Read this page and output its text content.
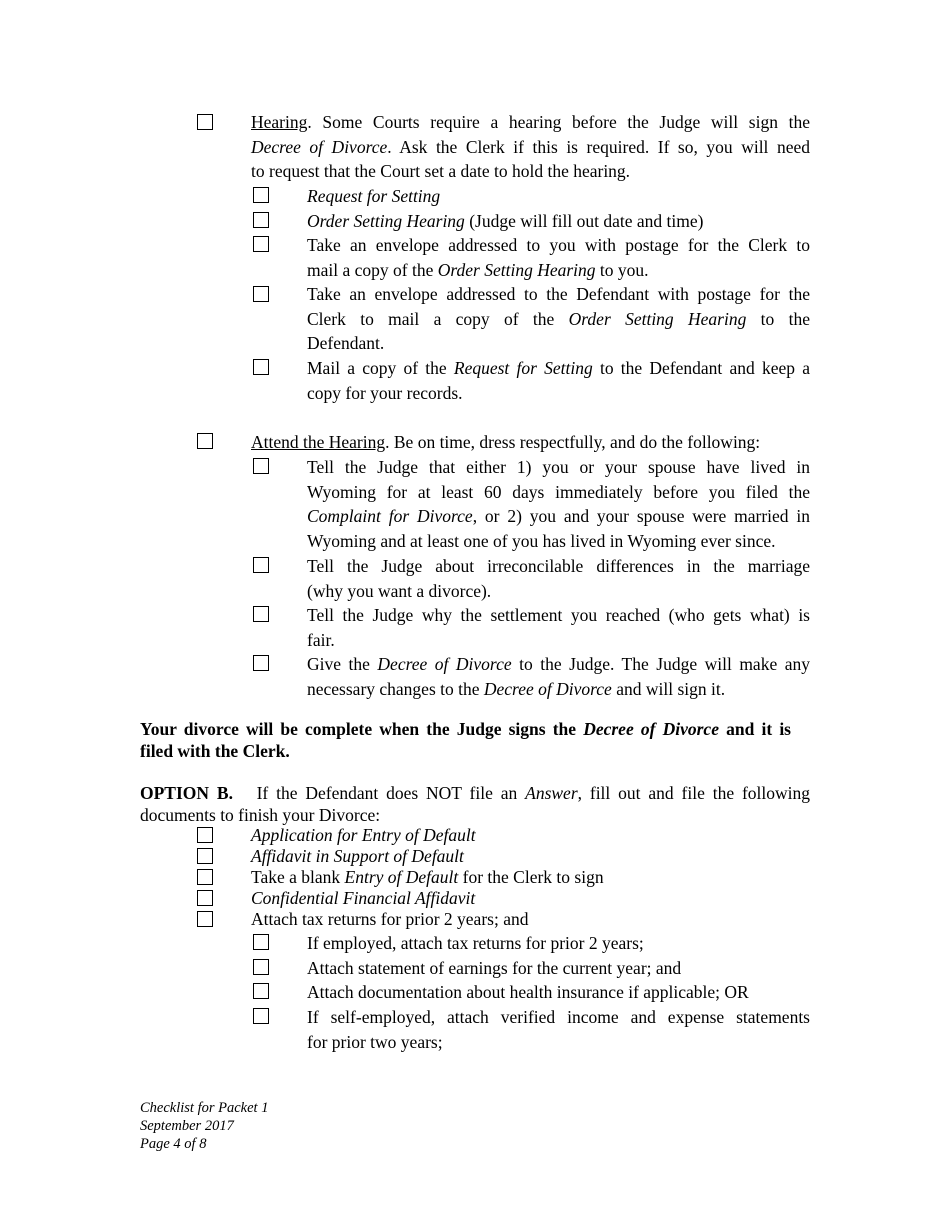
Hearing. Some Courts require a hearing before the Judge will sign the
Decree of Divorce. Ask the Clerk if this is required. If so, you will need
to request that the Court set a date to hold the hearing.
Request for Setting
Order Setting Hearing (Judge will fill out date and time)
Take an envelope addressed to you with postage for the Clerk to
mail a copy of the Order Setting Hearing to you.
Take an envelope addressed to the Defendant with postage for the
Clerk to mail a copy of the Order Setting Hearing to the
Defendant.
Mail a copy of the Request for Setting to the Defendant and keep a
copy for your records.
Attend the Hearing. Be on time, dress respectfully, and do the following:
Tell the Judge that either 1) you or your spouse have lived in
Wyoming for at least 60 days immediately before you filed the
Complaint for Divorce, or 2) you and your spouse were married in
Wyoming and at least one of you has lived in Wyoming ever since.
Tell the Judge about irreconcilable differences in the marriage
(why you want a divorce).
Tell the Judge why the settlement you reached (who gets what) is
fair.
Give the Decree of Divorce to the Judge. The Judge will make any
necessary changes to the Decree of Divorce and will sign it.
Your divorce will be complete when the Judge signs the Decree of Divorce and it is
filed with the Clerk.
OPTION B. If the Defendant does NOT file an Answer, fill out and file the following
documents to finish your Divorce:
Application for Entry of Default
Affidavit in Support of Default
Take a blank Entry of Default for the Clerk to sign
Confidential Financial Affidavit
Attach tax returns for prior 2 years; and
If employed, attach tax returns for prior 2 years;
Attach statement of earnings for the current year; and
Attach documentation about health insurance if applicable; OR
If self-employed, attach verified income and expense statements
for prior two years;
Checklist for Packet 1
September 2017
Page 4 of 8
